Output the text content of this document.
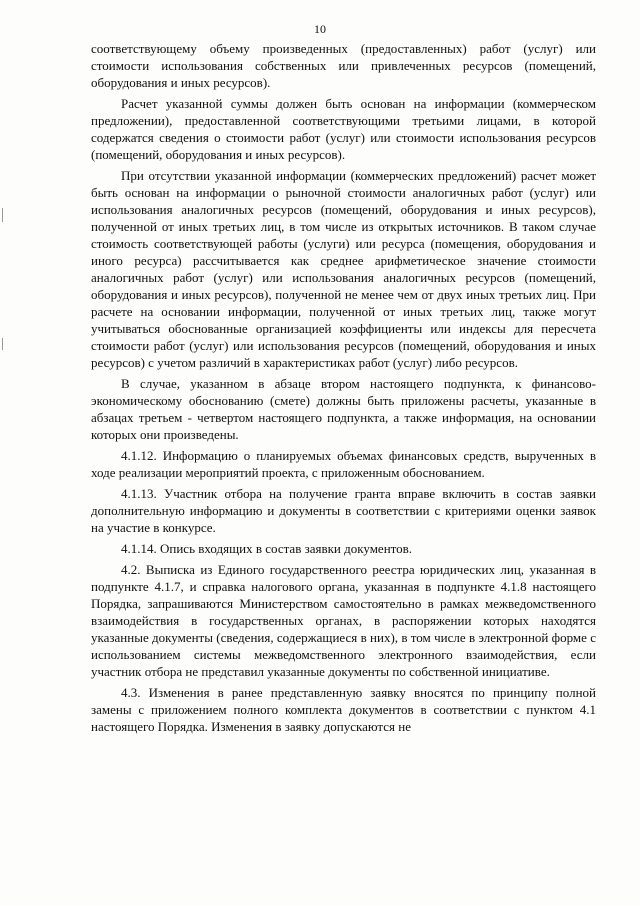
10

соответствующему объему произведенных (предоставленных) работ (услуг) или стоимости использования собственных или привлеченных ресурсов (помещений, оборудования и иных ресурсов).

Расчет указанной суммы должен быть основан на информации (коммерческом предложении), предоставленной соответствующими третьими лицами, в которой содержатся сведения о стоимости работ (услуг) или стоимости использования ресурсов (помещений, оборудования и иных ресурсов).

При отсутствии указанной информации (коммерческих предложений) расчет может быть основан на информации о рыночной стоимости аналогичных работ (услуг) или использования аналогичных ресурсов (помещений, оборудования и иных ресурсов), полученной от иных третьих лиц, в том числе из открытых источников. В таком случае стоимость соответствующей работы (услуги) или ресурса (помещения, оборудования и иного ресурса) рассчитывается как среднее арифметическое значение стоимости аналогичных работ (услуг) или использования аналогичных ресурсов (помещений, оборудования и иных ресурсов), полученной не менее чем от двух иных третьих лиц. При расчете на основании информации, полученной от иных третьих лиц, также могут учитываться обоснованные организацией коэффициенты или индексы для пересчета стоимости работ (услуг) или использования ресурсов (помещений, оборудования и иных ресурсов) с учетом различий в характеристиках работ (услуг) либо ресурсов.

В случае, указанном в абзаце втором настоящего подпункта, к финансово-экономическому обоснованию (смете) должны быть приложены расчеты, указанные в абзацах третьем - четвертом настоящего подпункта, а также информация, на основании которых они произведены.

4.1.12. Информацию о планируемых объемах финансовых средств, вырученных в ходе реализации мероприятий проекта, с приложенным обоснованием.

4.1.13. Участник отбора на получение гранта вправе включить в состав заявки дополнительную информацию и документы в соответствии с критериями оценки заявок на участие в конкурсе.

4.1.14. Опись входящих в состав заявки документов.

4.2. Выписка из Единого государственного реестра юридических лиц, указанная в подпункте 4.1.7, и справка налогового органа, указанная в подпункте 4.1.8 настоящего Порядка, запрашиваются Министерством самостоятельно в рамках межведомственного взаимодействия в государственных органах, в распоряжении которых находятся указанные документы (сведения, содержащиеся в них), в том числе в электронной форме с использованием системы межведомственного электронного взаимодействия, если участник отбора не представил указанные документы по собственной инициативе.

4.3. Изменения в ранее представленную заявку вносятся по принципу полной замены с приложением полного комплекта документов в соответствии с пунктом 4.1 настоящего Порядка. Изменения в заявку допускаются не
